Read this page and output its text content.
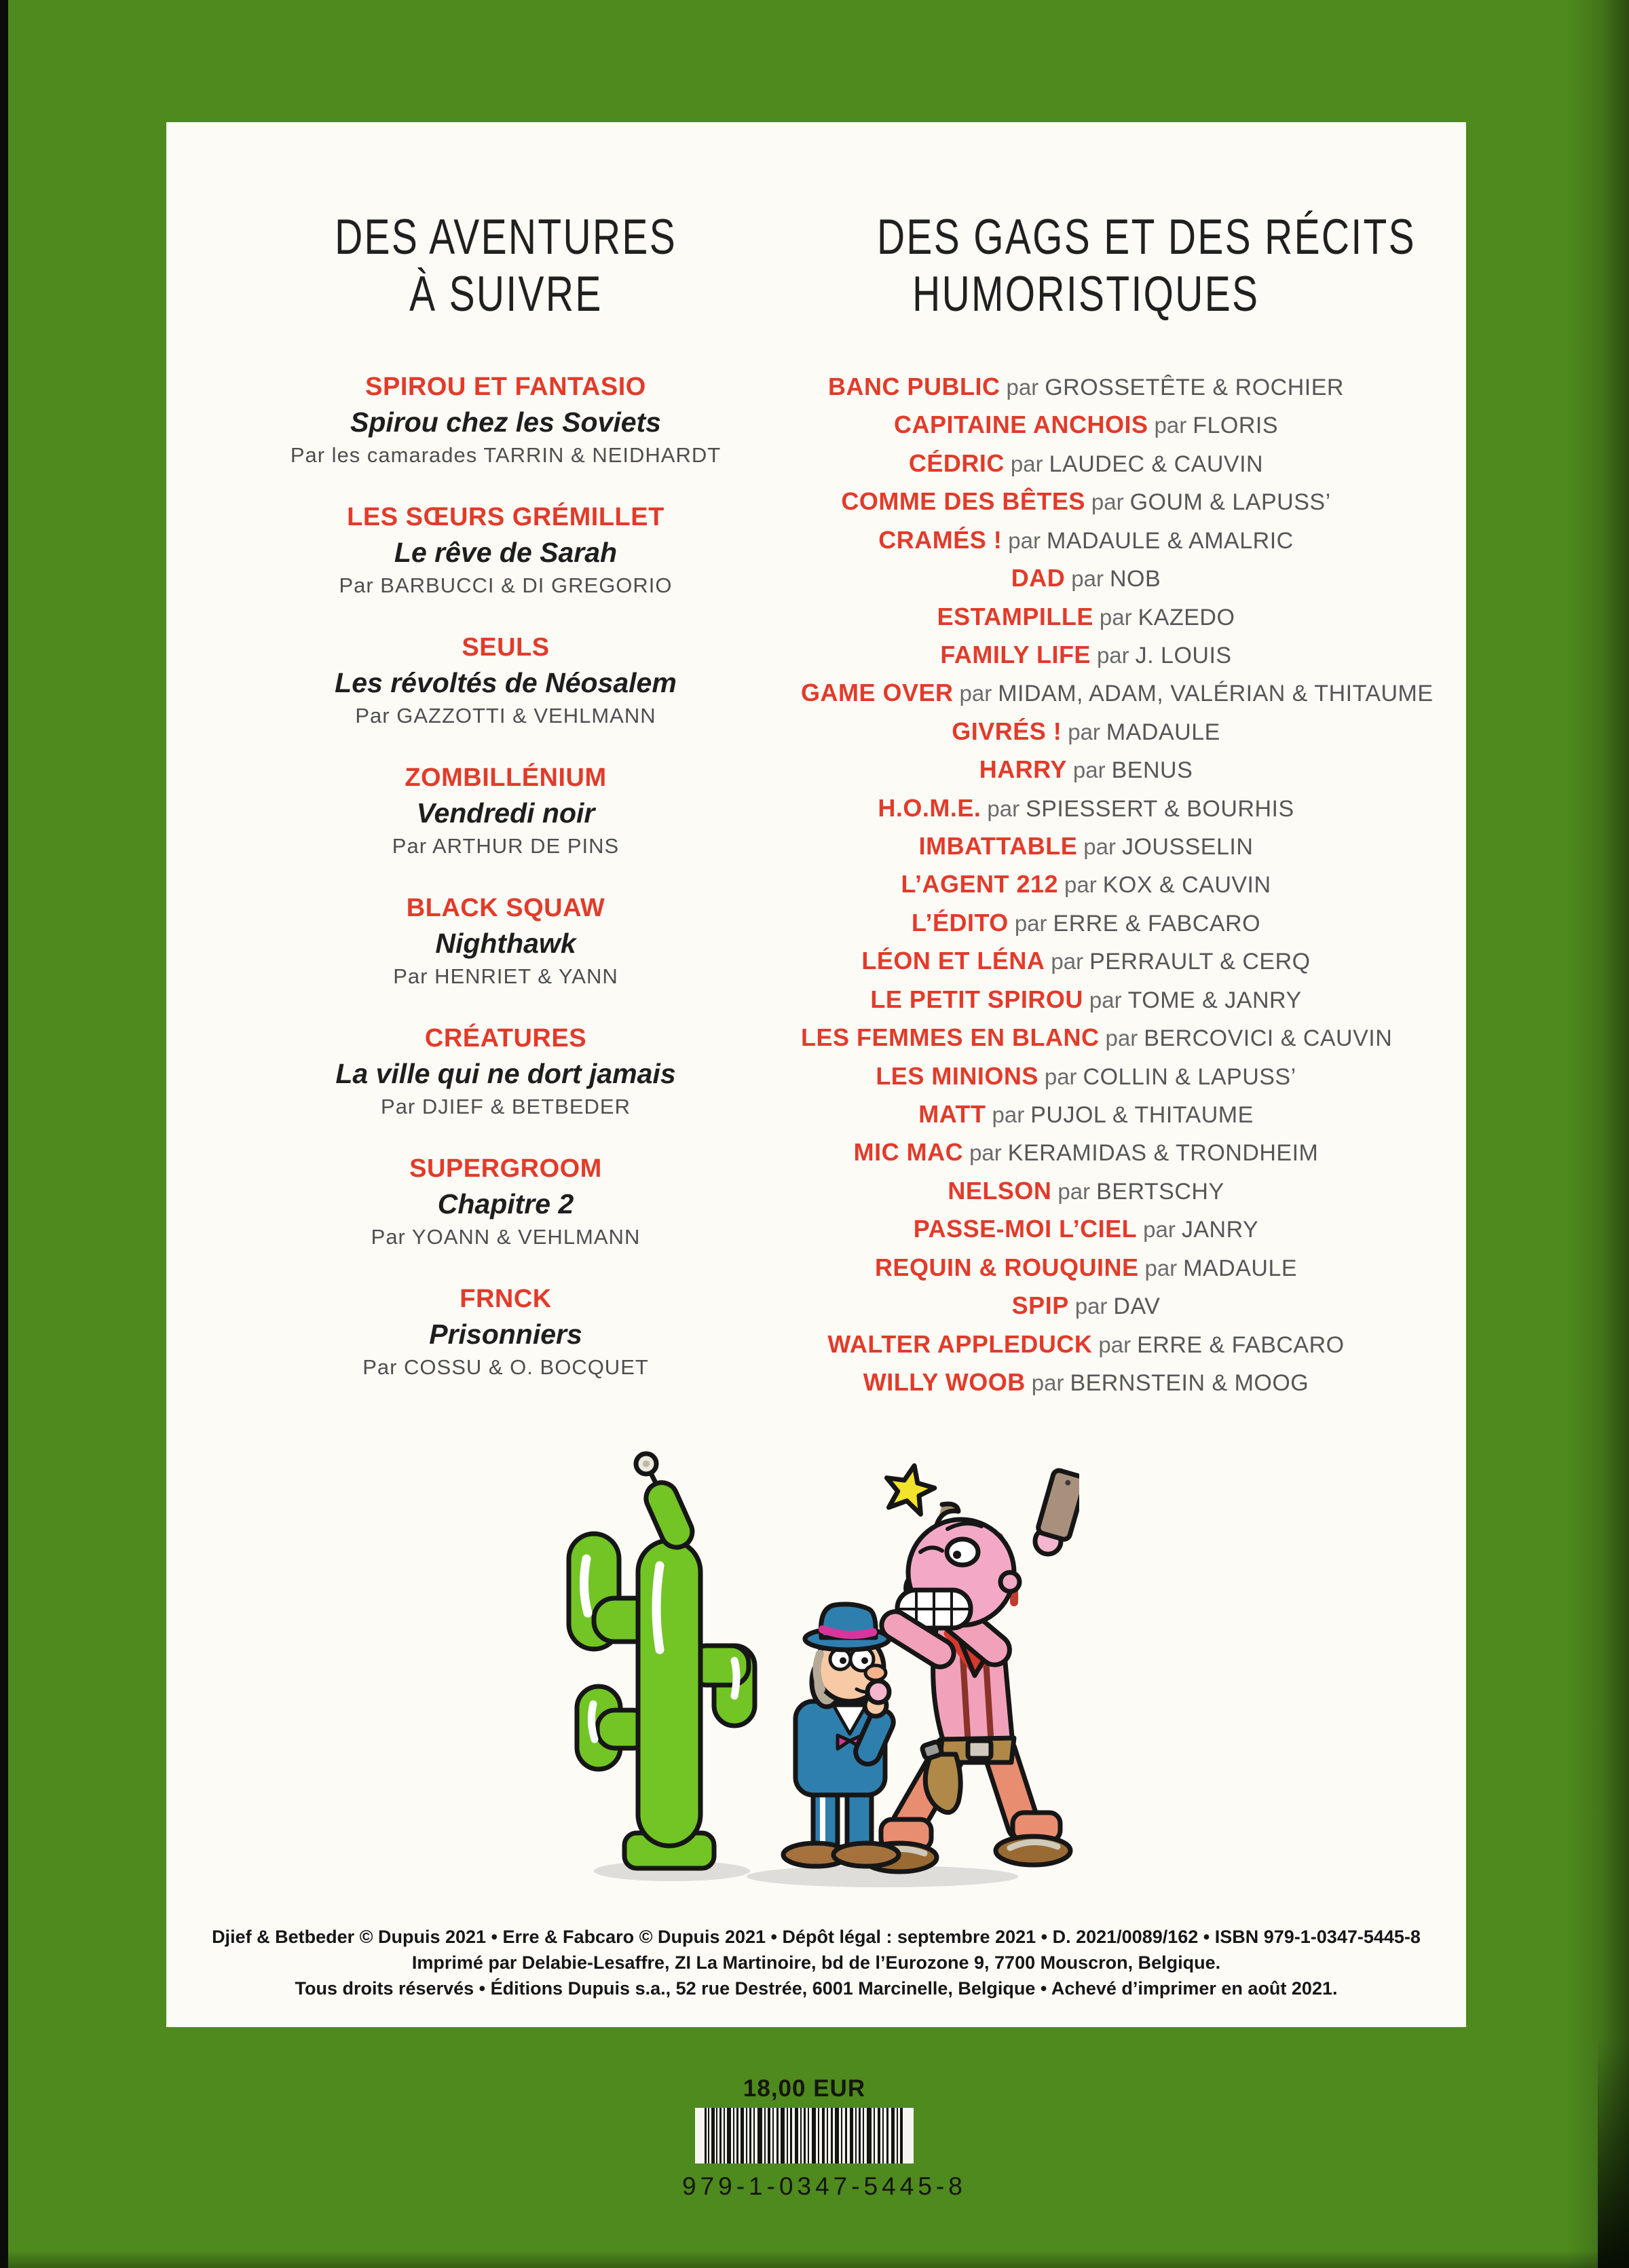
DES AVENTURES
À SUIVRE
DES GAGS ET DES RÉCITS
HUMORISTIQUES
SPIROU ET FANTASIO
Spirou chez les Soviets
Par les camarades TARRIN & NEIDHARDT
LES SŒURS GRÉMILLET
Le rêve de Sarah
Par BARBUCCI & DI GREGORIO
SEULS
Les révoltés de Néosalem
Par GAZZOTTI & VEHLMANN
ZOMBILLÉNIUM
Vendredi noir
Par ARTHUR DE PINS
BLACK SQUAW
Nighthawk
Par HENRIET & YANN
CRÉATURES
La ville qui ne dort jamais
Par DJIEF & BETBEDER
SUPERGROOM
Chapitre 2
Par YOANN & VEHLMANN
FRNCK
Prisonniers
Par COSSU & O. BOCQUET
BANC PUBLIC par GROSSETÊTE & ROCHIER
CAPITAINE ANCHOIS par FLORIS
CÉDRIC par LAUDEC & CAUVIN
COMME DES BÊTES par GOUM & LAPUSS’
CRAMÉS ! par MADAULE & AMALRIC
DAD par NOB
ESTAMPILLE par KAZEDO
FAMILY LIFE par J. LOUIS
GAME OVER par MIDAM, ADAM, VALÉRIAN & THITAUME
GIVRÉS ! par MADAULE
HARRY par BENUS
H.O.M.E. par SPIESSERT & BOURHIS
IMBATTABLE par JOUSSELIN
L’AGENT 212 par KOX & CAUVIN
L’ÉDITO par ERRE & FABCARO
LÉON ET LÉNA par PERRAULT & CERQ
LE PETIT SPIROU par TOME & JANRY
LES FEMMES EN BLANC par BERCOVICI & CAUVIN
LES MINIONS par COLLIN & LAPUSS’
MATT par PUJOL & THITAUME
MIC MAC par KERAMIDAS & TRONDHEIM
NELSON par BERTSCHY
PASSE-MOI L’CIEL par JANRY
REQUIN & ROUQUINE par MADAULE
SPIP par DAV
WALTER APPLEDUCK par ERRE & FABCARO
WILLY WOOB par BERNSTEIN & MOOG
Djief & Betbeder © Dupuis 2021 • Erre & Fabcaro © Dupuis 2021 • Dépôt légal : septembre 2021 • D. 2021/0089/162 • ISBN 979-1-0347-5445-8
Imprimé par Delabie-Lesaffre, ZI La Martinoire, bd de l’Eurozone 9, 7700 Mouscron, Belgique.
Tous droits réservés • Éditions Dupuis s.a., 52 rue Destrée, 6001 Marcinelle, Belgique • Achevé d’imprimer en août 2021.
18,00 EUR
979-1-0347-5445-8
